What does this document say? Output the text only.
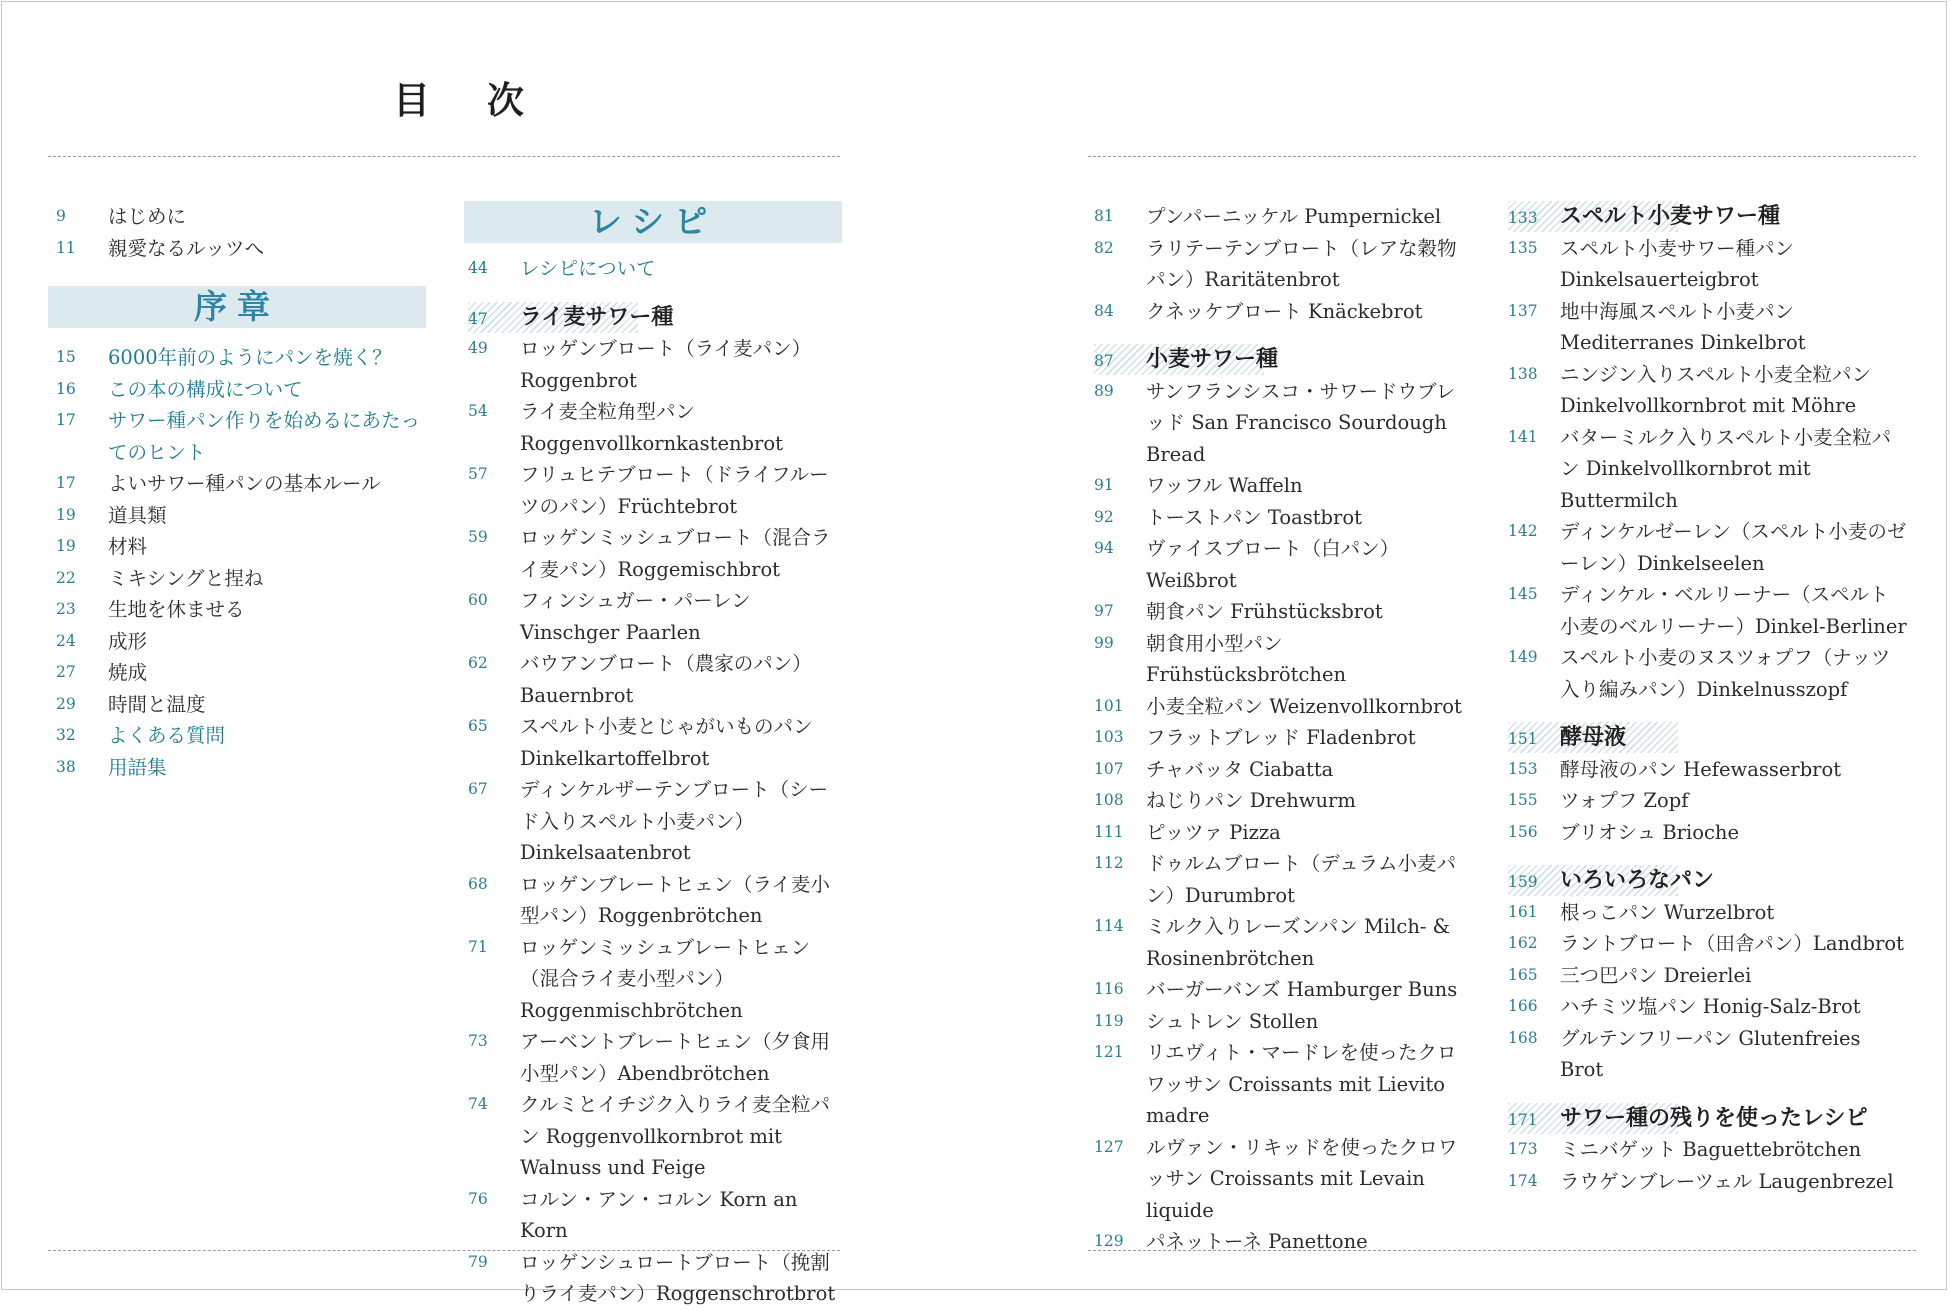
目 次
9 はじめに
11 親愛なるルッツへ
序章
15 6000年前のようにパンを焼く？
16 この本の構成について
17 サワー種パン作りを始めるにあたってのヒント
17 よいサワー種パンの基本ルール
19 道具類
19 材料
22 ミキシングと捏ね
23 生地を休ませる
24 成形
27 焼成
29 時間と温度
32 よくある質問
38 用語集
レシピ
44 レシピについて
47 ライ麦サワー種
49 ロッゲンブロート（ライ麦パン）Roggenbrot
54 ライ麦全粒角型パン Roggenvollkornkastenbrot
57 フリュヒテブロート（ドライフルーツのパン）Früchtebrot
59 ロッゲンミッシュブロート（混合ライ麦パン）Roggemischbrot
60 フィンシュガー・パーレン Vinschger Paarlen
62 バウアンブロート（農家のパン）Bauernbrot
65 スペルト小麦とじゃがいものパン Dinkelkartoffelbrot
67 ディンケルザーテンブロート（シード入りスペルト小麦パン）Dinkelsaatenbrot
68 ロッゲンブレートヒェン（ライ麦小型パン）Roggenbrötchen
71 ロッゲンミッシュブレートヒェン（混合ライ麦小型パン）Roggenmischbrötchen
73 アーベントブレートヒェン（夕食用小型パン）Abendbrötchen
74 クルミとイチジク入りライ麦全粒パン Roggenvollkornbrot mit Walnuss und Feige
76 コルン・アン・コルン Korn an Korn
79 ロッゲンシュロートブロート（挽割りライ麦パン）Roggenschrotbrot
81 プンパーニッケル Pumpernickel
82 ラリテーテンブロート（レアな穀物パン）Raritätenbrot
84 クネッケブロート Knäckebrot
87 小麦サワー種
89 サンフランシスコ・サワードウブレッド San Francisco Sourdough Bread
91 ワッフル Waffeln
92 トーストパン Toastbrot
94 ヴァイスブロート（白パン） Weißbrot
97 朝食パン Frühstücksbrot
99 朝食用小型パン Frühstücksbrötchen
101 小麦全粒パン Weizenvollkornbrot
103 フラットブレッド Fladenbrot
107 チャバッタ Ciabatta
108 ねじりパン Drehwurm
111 ピッツァ Pizza
112 ドゥルムブロート（デュラム小麦パン）Durumbrot
114 ミルク入りレーズンパン Milch- & Rosinenbrötchen
116 バーガーバンズ Hamburger Buns
119 シュトレン Stollen
121 リエヴィト・マードレを使ったクロワッサン Croissants mit Lievito madre
127 ルヴァン・リキッドを使ったクロワッサン Croissants mit Levain liquide
129 パネットーネ Panettone
133 スペルト小麦サワー種
135 スペルト小麦サワー種パン Dinkelsauerteigbrot
137 地中海風スペルト小麦パン Mediterranes Dinkelbrot
138 ニンジン入りスペルト小麦全粒パン Dinkelvollkornbrot mit Möhre
141 バターミルク入りスペルト小麦全粒パン Dinkelvollkornbrot mit Buttermilch
142 ディンケルゼーレン（スペルト小麦のゼーレン）Dinkelseelen
145 ディンケル・ベルリーナー（スペルト小麦のベルリーナー）Dinkel-Berliner
149 スペルト小麦のヌスツォプフ（ナッツ入り編みパン）Dinkelnusszopf
151 酵母液
153 酵母液のパン Hefewasserbrot
155 ツォプフ Zopf
156 ブリオシュ Brioche
159 いろいろなパン
161 根っこパン Wurzelbrot
162 ラントブロート（田舎パン）Landbrot
165 三つ巴パン Dreierlei
166 ハチミツ塩パン Honig-Salz-Brot
168 グルテンフリーパン Glutenfreies Brot
171 サワー種の残りを使ったレシピ
173 ミニバゲット Baguettebrötchen
174 ラウゲンブレーツェル Laugenbrezel
